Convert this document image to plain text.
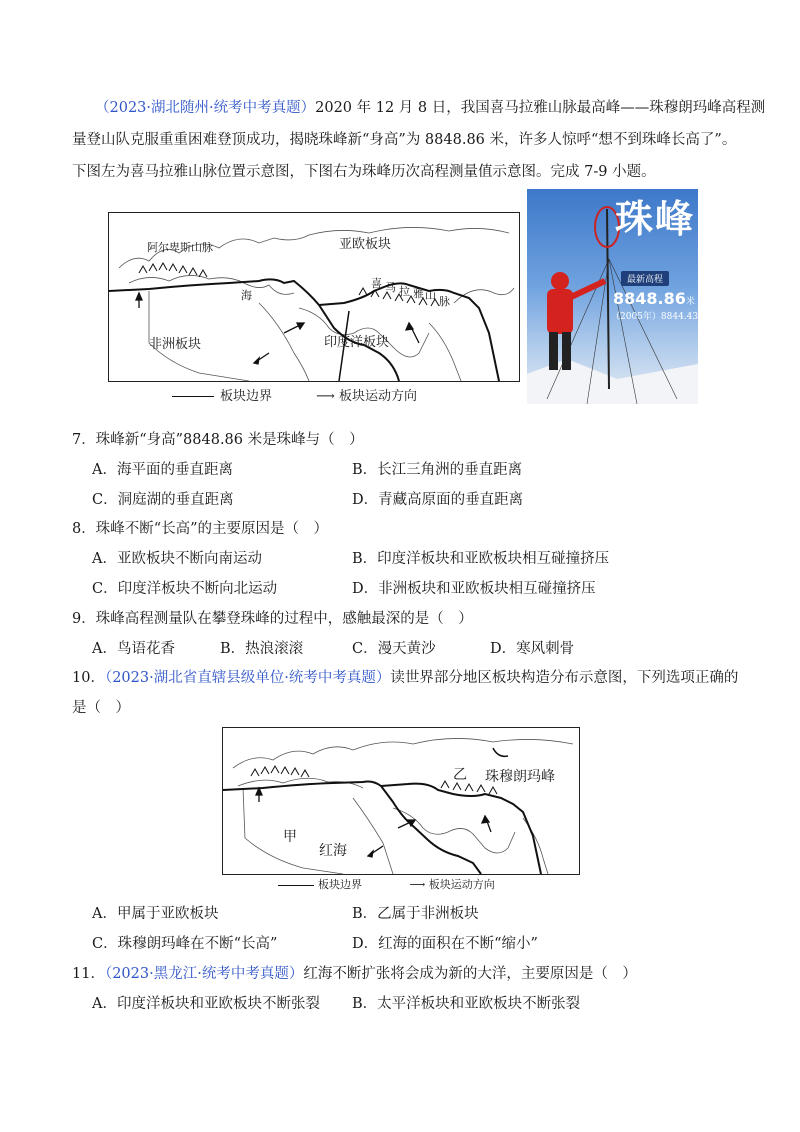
（2023·湖北随州·统考中考真题）2020 年 12 月 8 日，我国喜马拉雅山脉最高峰——珠穆朗玛峰高程测
量登山队克服重重困难登顶成功，揭晓珠峰新“身高”为 8848.86 米，许多人惊呼“想不到珠峰长高了”。
下图左为喜马拉雅山脉位置示意图，下图右为珠峰历次高程测量值示意图。完成 7-9 小题。
阿尔卑斯山脉	亚欧板块
海
非洲板块	印度洋板块
喜 马 拉 雅 山 脉
板块边界	⟶ 板块运动方向
珠峰
最新高程
8848.86米
（2005年）8844.43米
7．珠峰新“身高”8848.86 米是珠峰与（　）
A．海平面的垂直距离	B．长江三角洲的垂直距离
C．洞庭湖的垂直距离	D．青藏高原面的垂直距离
8．珠峰不断“长高”的主要原因是（　）
A．亚欧板块不断向南运动	B．印度洋板块和亚欧板块相互碰撞挤压
C．印度洋板块不断向北运动	D．非洲板块和亚欧板块相互碰撞挤压
9．珠峰高程测量队在攀登珠峰的过程中，感触最深的是（　）
A．鸟语花香	B．热浪滚滚	C．漫天黄沙	D．寒风刺骨
10．（2023·湖北省直辖县级单位·统考中考真题）读世界部分地区板块构造分布示意图，下列选项正确的
是（　）
甲
乙 珠穆朗玛峰
红海
板块边界	⟶ 板块运动方向
A．甲属于亚欧板块	B．乙属于非洲板块
C．珠穆朗玛峰在不断“长高”	D．红海的面积在不断“缩小”
11．（2023·黑龙江·统考中考真题）红海不断扩张将会成为新的大洋，主要原因是（　）
A．印度洋板块和亚欧板块不断张裂 B．太平洋板块和亚欧板块不断张裂
